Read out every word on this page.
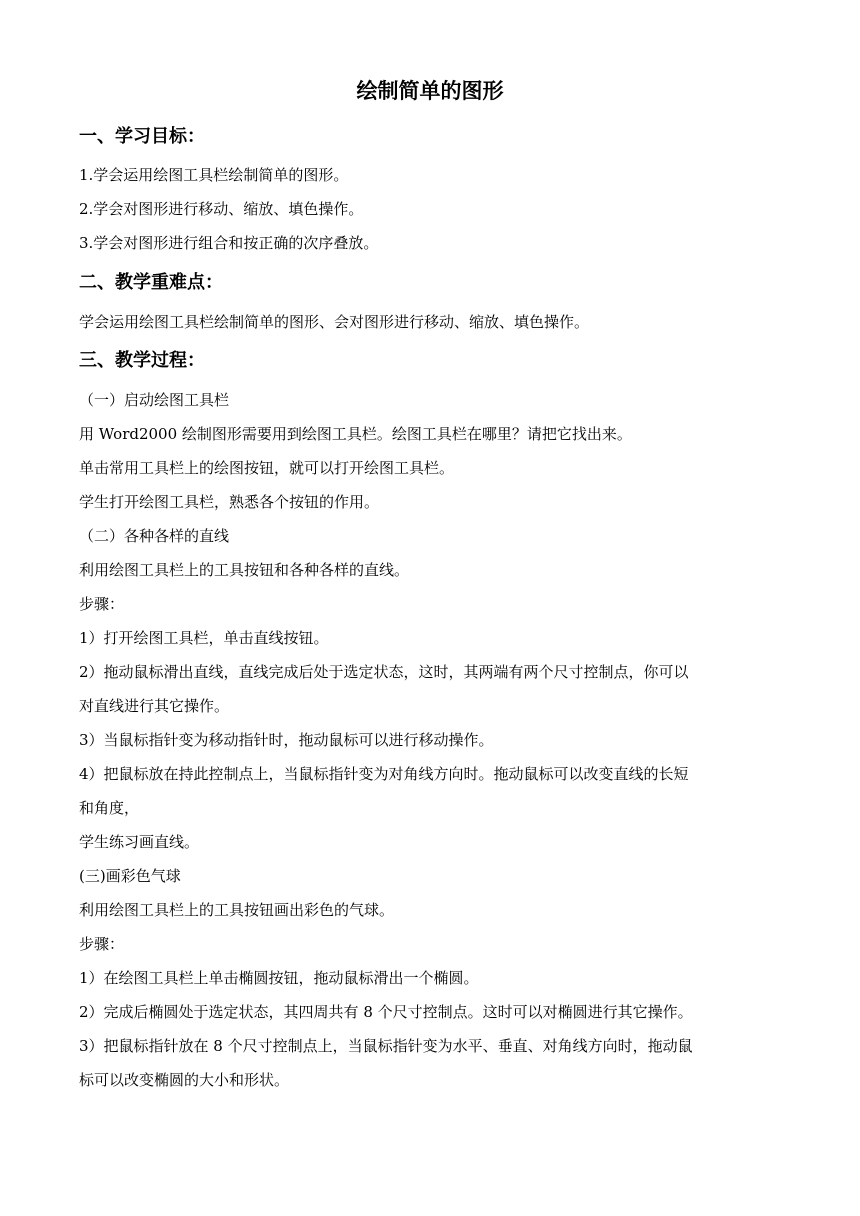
绘制简单的图形
一、学习目标：

1.学会运用绘图工具栏绘制简单的图形。

2.学会对图形进行移动、缩放、填色操作。

3.学会对图形进行组合和按正确的次序叠放。

二、教学重难点：

学会运用绘图工具栏绘制简单的图形、会对图形进行移动、缩放、填色操作。

三、教学过程：

（一）启动绘图工具栏

用 Word2000 绘制图形需要用到绘图工具栏。绘图工具栏在哪里？请把它找出来。

单击常用工具栏上的绘图按钮，就可以打开绘图工具栏。

学生打开绘图工具栏，熟悉各个按钮的作用。

（二）各种各样的直线

利用绘图工具栏上的工具按钮和各种各样的直线。

步骤：

1）打开绘图工具栏，单击直线按钮。

2）拖动鼠标滑出直线，直线完成后处于选定状态，这时，其两端有两个尺寸控制点，你可以

对直线进行其它操作。

3）当鼠标指针变为移动指针时，拖动鼠标可以进行移动操作。

4）把鼠标放在持此控制点上，当鼠标指针变为对角线方向时。拖动鼠标可以改变直线的长短

和角度，

学生练习画直线。

(三)画彩色气球

利用绘图工具栏上的工具按钮画出彩色的气球。

步骤：

1）在绘图工具栏上单击椭圆按钮，拖动鼠标滑出一个椭圆。

2）完成后椭圆处于选定状态，其四周共有 8 个尺寸控制点。这时可以对椭圆进行其它操作。

3）把鼠标指针放在 8 个尺寸控制点上，当鼠标指针变为水平、垂直、对角线方向时，拖动鼠

标可以改变椭圆的大小和形状。
